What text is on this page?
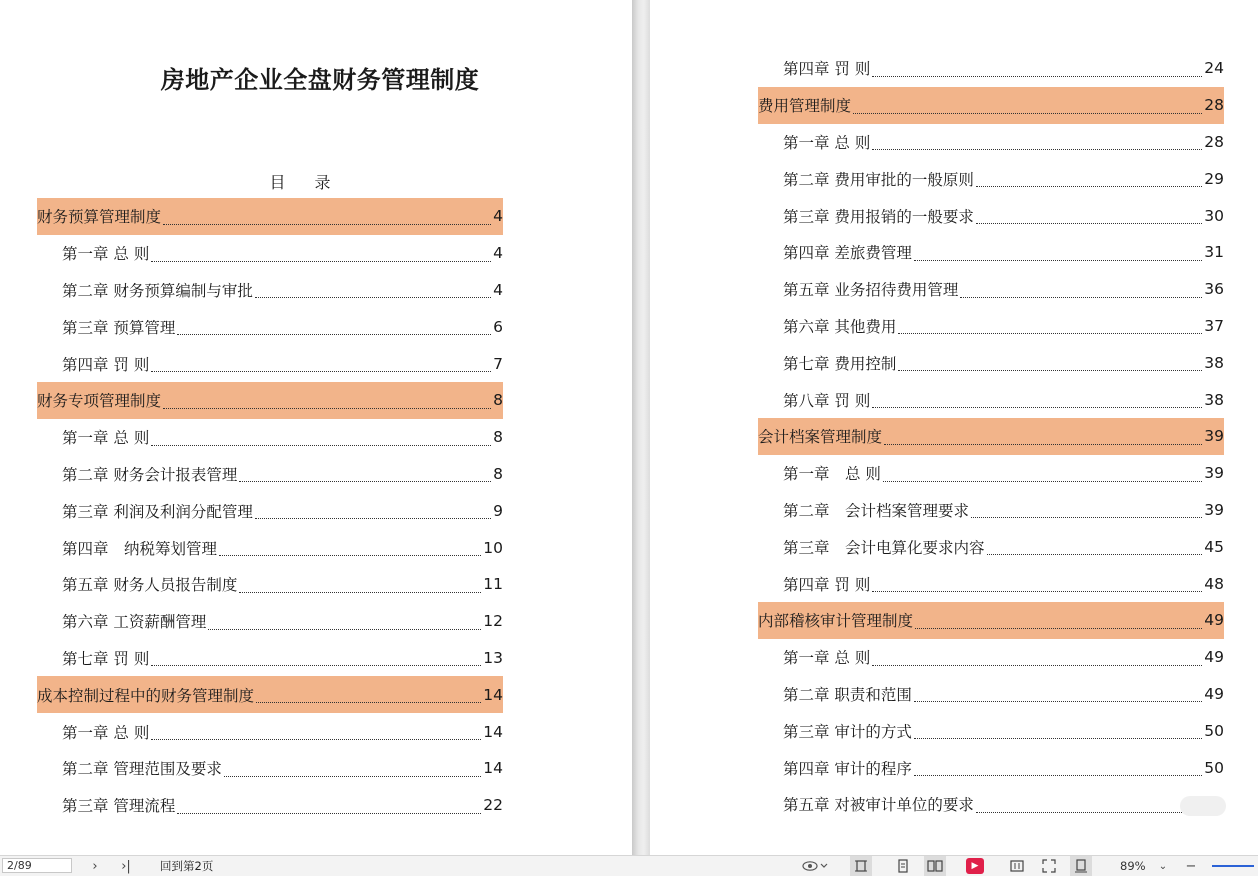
房地产企业全盘财务管理制度
目 录
财务预算管理制度	4
第一章 总 则	4
第二章 财务预算编制与审批	4
第三章 预算管理	6
第四章 罚 则	7
财务专项管理制度	8
第一章 总 则	8
第二章 财务会计报表管理	8
第三章 利润及利润分配管理	9
第四章　纳税筹划管理	10
第五章 财务人员报告制度	11
第六章 工资薪酬管理	12
第七章 罚 则	13
成本控制过程中的财务管理制度	14
第一章 总 则	14
第二章 管理范围及要求	14
第三章 管理流程	22
第四章 罚 则	24
费用管理制度	28
第一章 总 则	28
第二章 费用审批的一般原则	29
第三章 费用报销的一般要求	30
第四章 差旅费管理	31
第五章 业务招待费用管理	36
第六章 其他费用	37
第七章 费用控制	38
第八章 罚 则	38
会计档案管理制度	39
第一章　总 则	39
第二章　会计档案管理要求	39
第三章　会计电算化要求内容	45
第四章 罚 则	48
内部稽核审计管理制度	49
第一章 总 则	49
第二章 职责和范围	49
第三章 审计的方式	50
第四章 审计的程序	50
第五章 对被审计单位的要求
2/89
› ›|	回到第2页	▶	89% ⌄ −
